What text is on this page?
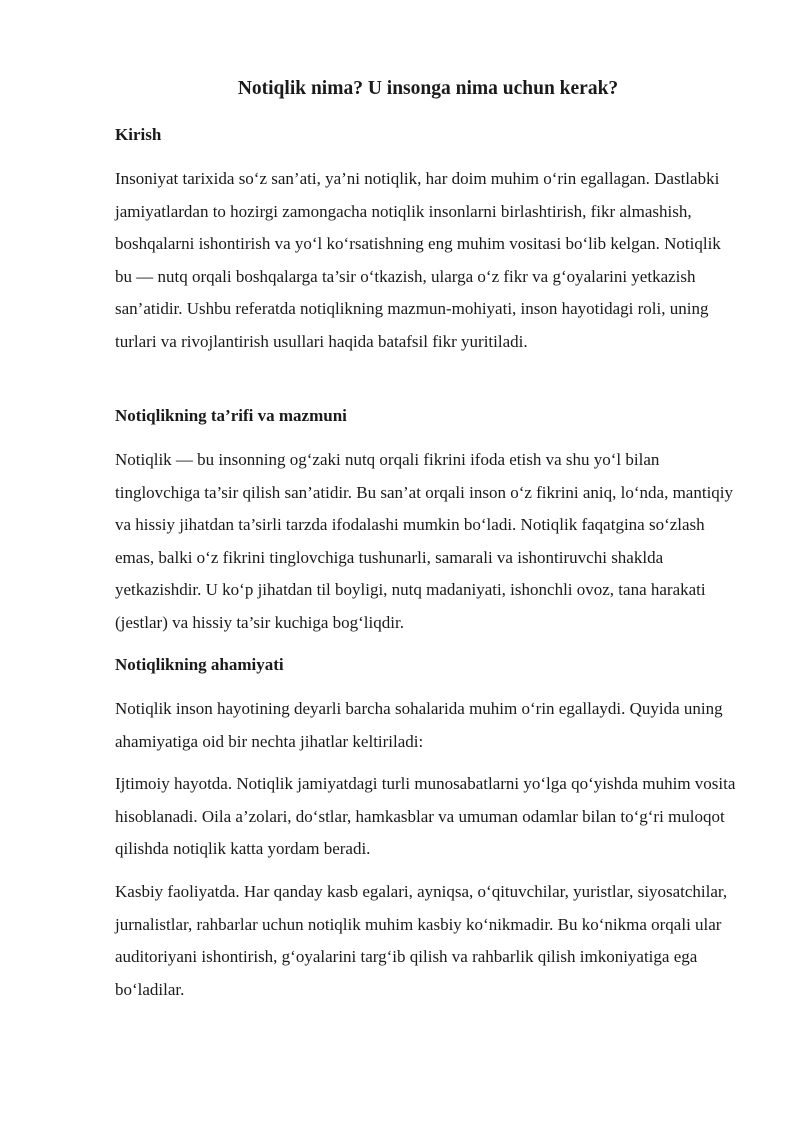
Notiqlik nima? U insonga nima uchun kerak?
Kirish

Insoniyat tarixida so‘z san’ati, ya’ni notiqlik, har doim muhim o‘rin egallagan. Dastlabki jamiyatlardan to hozirgi zamongacha notiqlik insonlarni birlashtirish, fikr almashish, boshqalarni ishontirish va yo‘l ko‘rsatishning eng muhim vositasi bo‘lib kelgan. Notiqlik bu — nutq orqali boshqalarga ta’sir o‘tkazish, ularga o‘z fikr va g‘oyalarini yetkazish san’atidir. Ushbu referatda notiqlikning mazmun-mohiyati, inson hayotidagi roli, uning turlari va rivojlantirish usullari haqida batafsil fikr yuritiladi.

Notiqlikning ta’rifi va mazmuni

Notiqlik — bu insonning og‘zaki nutq orqali fikrini ifoda etish va shu yo‘l bilan tinglovchiga ta’sir qilish san’atidir. Bu san’at orqali inson o‘z fikrini aniq, lo‘nda, mantiqiy va hissiy jihatdan ta’sirli tarzda ifodalashi mumkin bo‘ladi. Notiqlik faqatgina so‘zlash emas, balki o‘z fikrini tinglovchiga tushunarli, samarali va ishontiruvchi shaklda yetkazishdir. U ko‘p jihatdan til boyligi, nutq madaniyati, ishonchli ovoz, tana harakati (jestlar) va hissiy ta’sir kuchiga bog‘liqdir.

Notiqlikning ahamiyati

Notiqlik inson hayotining deyarli barcha sohalarida muhim o‘rin egallaydi. Quyida uning ahamiyatiga oid bir nechta jihatlar keltiriladi:

Ijtimoiy hayotda. Notiqlik jamiyatdagi turli munosabatlarni yo‘lga qo‘yishda muhim vosita hisoblanadi. Oila a’zolari, do‘stlar, hamkasblar va umuman odamlar bilan to‘g‘ri muloqot qilishda notiqlik katta yordam beradi.

Kasbiy faoliyatda. Har qanday kasb egalari, ayniqsa, o‘qituvchilar, yuristlar, siyosatchilar, jurnalistlar, rahbarlar uchun notiqlik muhim kasbiy ko‘nikmadir. Bu ko‘nikma orqali ular auditoriyani ishontirish, g‘oyalarini targ‘ib qilish va rahbarlik qilish imkoniyatiga ega bo‘ladilar.
